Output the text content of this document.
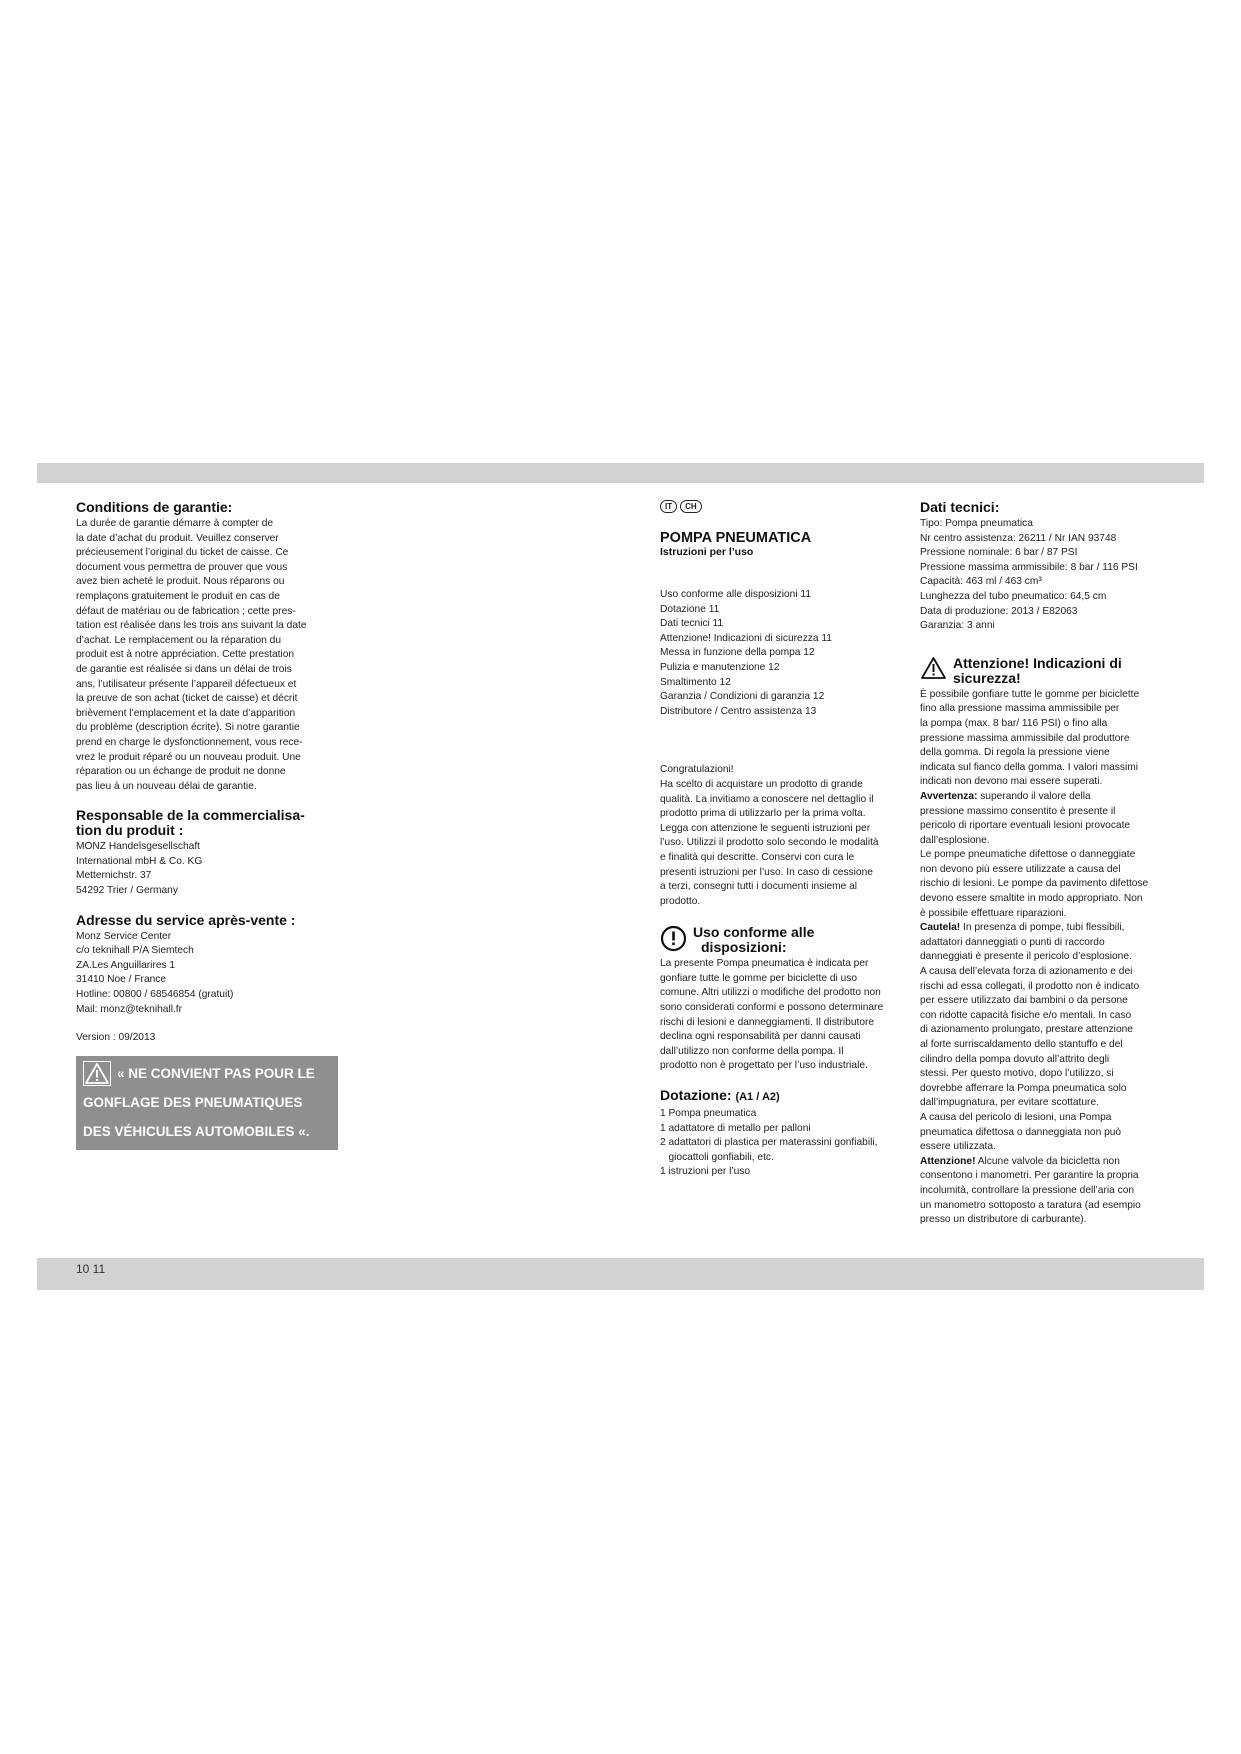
10 11
Conditions de garantie:
La durée de garantie démarre à compter de
la date d’achat du produit. Veuillez conserver
précieusement l’original du ticket de caisse. Ce
document vous permettra de prouver que vous
avez bien acheté le produit. Nous réparons ou
remplaçons gratuitement le produit en cas de
défaut de matériau ou de fabrication ; cette pres-
tation est réalisée dans les trois ans suivant la date
d’achat. Le remplacement ou la réparation du
produit est à notre appréciation. Cette prestation
de garantie est réalisée si dans un délai de trois
ans, l’utilisateur présente l’appareil défectueux et
la preuve de son achat (ticket de caisse) et décrit
brièvement l’emplacement et la date d’apparition
du problème (description écrite). Si notre garantie
prend en charge le dysfonctionnement, vous rece-
vrez le produit réparé ou un nouveau produit. Une
réparation ou un échange de produit ne donne
pas lieu à un nouveau délai de garantie.
Responsable de la commercialisa-
tion du produit :
MONZ Handelsgesellschaft
International mbH & Co. KG
Metternichstr. 37
54292 Trier / Germany
Adresse du service après-vente :
Monz Service Center
c/o teknihall P/A Siemtech
ZA.Les Anguillarires 1
31410 Noe / France
Hotline: 00800 / 68546854 (gratuit)
Mail: monz@teknihall.fr
Version : 09/2013
« NE CONVIENT PAS POUR LE
GONFLAGE DES PNEUMATIQUES
DES VÉHICULES AUTOMOBILES «.
IT	CH
POMPA PNEUMATICA
Istruzioni per l’uso
Uso conforme alle disposizioni 11
Dotazione 11
Dati tecnici 11
Attenzione! Indicazioni di sicurezza 11
Messa in funzione della pompa 12
Pulizia e manutenzione 12
Smaltimento 12
Garanzia / Condizioni di garanzia 12
Distributore / Centro assistenza 13
Congratulazioni!
Ha scelto di acquistare un prodotto di grande
qualità. La invitiamo a conoscere nel dettaglio il
prodotto prima di utilizzarlo per la prima volta.
Legga con attenzione le seguenti istruzioni per
l’uso. Utilizzi il prodotto solo secondo le modalità
e finalità qui descritte. Conservi con cura le
presenti istruzioni per l’uso. In caso di cessione
a terzi, consegni tutti i documenti insieme al
prodotto.
Uso conforme alle
disposizioni:
La presente Pompa pneumatica è indicata per
gonfiare tutte le gomme per biciclette di uso
comune. Altri utilizzi o modifiche del prodotto non
sono considerati conformi e possono determinare
rischi di lesioni e danneggiamenti. Il distributore
declina ogni responsabilità per danni causati
dall’utilizzo non conforme della pompa. Il
prodotto non è progettato per l’uso industriale.
Dotazione: (A1 / A2)
1 Pompa pneumatica
1 adattatore di metallo per palloni
2 adattatori di plastica per materassini gonfiabili,
giocattoli gonfiabili, etc.
1 istruzioni per l’uso
Dati tecnici:
Tipo: Pompa pneumatica
Nr centro assistenza: 26211 / Nr IAN 93748
Pressione nominale: 6 bar / 87 PSI
Pressione massima ammissibile: 8 bar / 116 PSI
Capacità: 463 ml / 463 cm³
Lunghezza del tubo pneumatico: 64,5 cm
Data di produzione: 2013 / E82063
Garanzia: 3 anni
Attenzione! Indicazioni di
sicurezza!
È possibile gonfiare tutte le gomme per biciclette
fino alla pressione massima ammissibile per
la pompa (max. 8 bar/ 116 PSI) o fino alla
pressione massima ammissibile dal produttore
della gomma. Di regola la pressione viene
indicata sul fianco della gomma. I valori massimi
indicati non devono mai essere superati.
Avvertenza: superando il valore della
pressione massimo consentito è presente il
pericolo di riportare eventuali lesioni provocate
dall’esplosione.
Le pompe pneumatiche difettose o danneggiate
non devono più essere utilizzate a causa del
rischio di lesioni. Le pompe da pavimento difettose
devono essere smaltite in modo appropriato. Non
è possibile effettuare riparazioni.
Cautela! In presenza di pompe, tubi flessibili,
adattatori danneggiati o punti di raccordo
danneggiati è presente il pericolo d’esplosione.
A causa dell’elevata forza di azionamento e dei
rischi ad essa collegati, il prodotto non è indicato
per essere utilizzato dai bambini o da persone
con ridotte capacità fisiche e/o mentali. In caso
di azionamento prolungato, prestare attenzione
al forte surriscaldamento dello stantuffo e del
cilindro della pompa dovuto all’attrito degli
stessi. Per questo motivo, dopo l’utilizzo, si
dovrebbe afferrare la Pompa pneumatica solo
dall’impugnatura, per evitare scottature.
A causa del pericolo di lesioni, una Pompa
pneumatica difettosa o danneggiata non può
essere utilizzata.
Attenzione! Alcune valvole da bicicletta non
consentono i manometri. Per garantire la propria
incolumità, controllare la pressione dell’aria con
un manometro sottoposto a taratura (ad esempio
presso un distributore di carburante).
